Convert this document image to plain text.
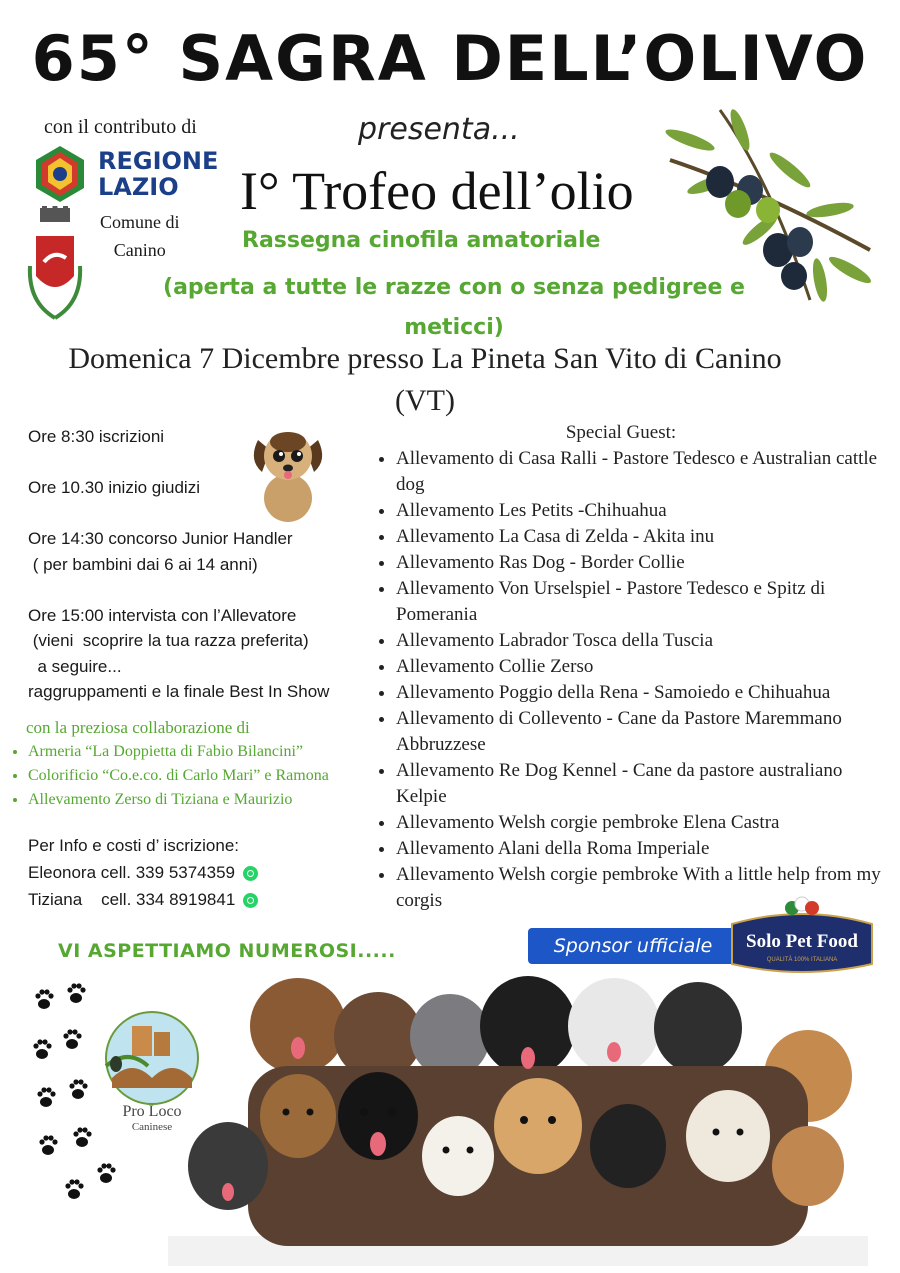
65° SAGRA DELL’OLIVO
con il contributo di	presenta...
I° Trofeo dell’olio
Rassegna cinofila amatoriale
(aperta a tutte le razze con o senza pedigree e meticci)
Domenica 7 Dicembre presso La Pineta San Vito di Canino (VT)
REGIONE
LAZIO
Comune di
Canino

Ore 8:30 iscrizioni

Ore 10.30 inizio giudizi

Ore 14:30 concorso Junior Handler

( per bambini dai 6 ai 14 anni)

Ore 15:00 intervista con l’Allevatore

(vieni  scoprire la tua razza preferita)

a seguire...

raggruppamenti e la finale Best In Show

con la preziosa collaborazione di
• Armeria “La Doppietta di Fabio Bilancini”
• Colorificio “Co.e.co. di Carlo Mari” e Ramona
• Allevamento Zerso di Tiziana e Maurizio
Per Info e costi d’ iscrizione:
Eleonora cell. 339 5374359
Tiziana    cell. 334 8919841
VI ASPETTIAMO NUMEROSI.....
Special Guest:
• Allevamento di Casa Ralli - Pastore Tedesco e Australian cattle dog
• Allevamento Les Petits -Chihuahua
• Allevamento La Casa di Zelda - Akita inu
• Allevamento Ras Dog - Border Collie
• Allevamento Von Urselspiel - Pastore Tedesco e Spitz di Pomerania
• Allevamento Labrador Tosca della Tuscia
• Allevamento Collie Zerso
• Allevamento Poggio della Rena - Samoiedo e Chihuahua
• Allevamento di Collevento - Cane da Pastore Maremmano Abbruzzese
• Allevamento Re Dog Kennel - Cane da pastore australiano Kelpie
• Allevamento Welsh corgie pembroke Elena Castra
• Allevamento Alani della Roma Imperiale
• Allevamento Welsh corgie pembroke With a little help from my corgis
Sponsor ufficiale	Solo Pet Food
QUALITÀ 100% ITALIANA
Pro Loco
Caninese
